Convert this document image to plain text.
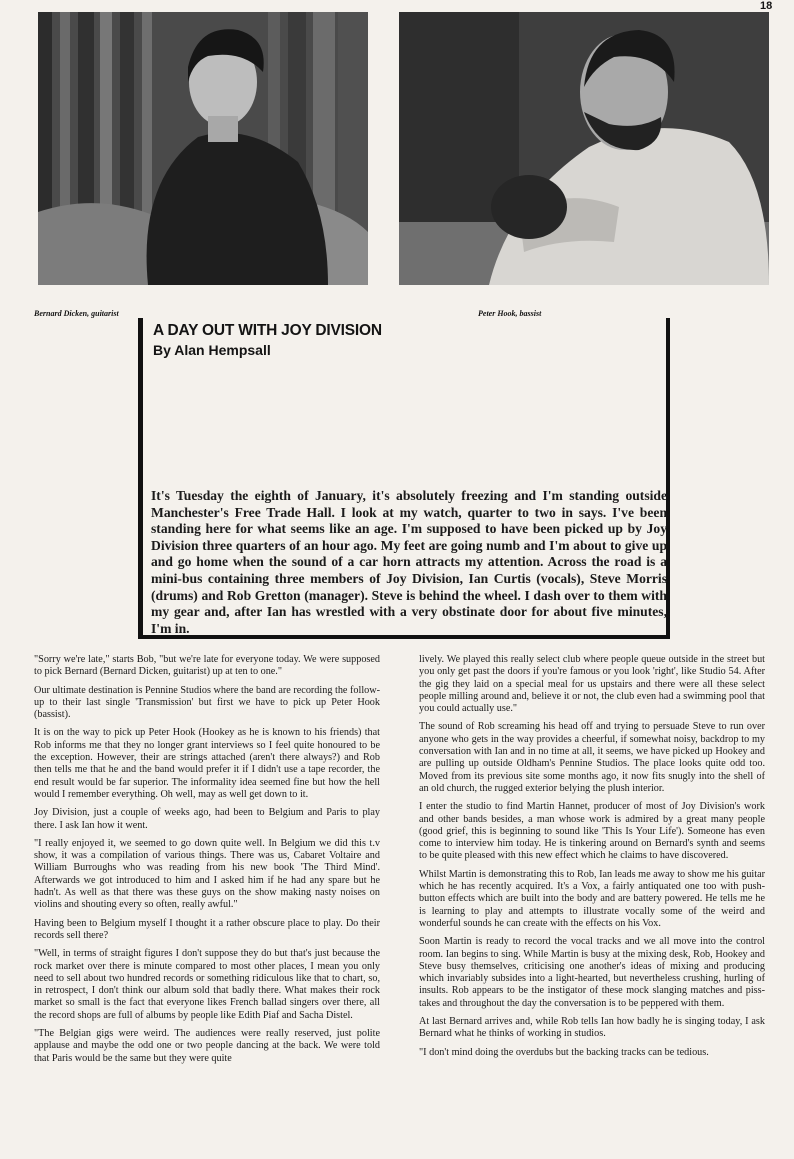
18
Bernard Dicken, guitarist	Peter Hook, bassist
A DAY OUT WITH JOY DIVISION
By Alan Hempsall
It's Tuesday the eighth of January, it's absolutely freezing and I'm standing outside Manchester's Free Trade Hall. I look at my watch, quarter to two in says. I've been standing here for what seems like an age. I'm supposed to have been picked up by Joy Division three quarters of an hour ago. My feet are going numb and I'm about to give up and go home when the sound of a car horn attracts my attention. Across the road is a mini-bus containing three members of Joy Division, Ian Curtis (vocals), Steve Morris (drums) and Rob Gretton (manager). Steve is behind the wheel. I dash over to them with my gear and, after Ian has wrestled with a very obstinate door for about five minutes, I'm in.

"Sorry we're late," starts Bob, "but we're late for everyone today. We were supposed to pick Bernard (Bernard Dicken, guitarist) up at ten to one."

Our ultimate destination is Pennine Studios where the band are recording the follow-up to their last single 'Transmission' but first we have to pick up Peter Hook (bassist).

It is on the way to pick up Peter Hook (Hookey as he is known to his friends) that Rob informs me that they no longer grant interviews so I feel quite honoured to be the exception. However, their are strings attached (aren't there always?) and Rob then tells me that he and the band would prefer it if I didn't use a tape recorder, the end result would be far superior. The informality idea seemed fine but how the hell would I remember everything. Oh well, may as well get down to it.

Joy Division, just a couple of weeks ago, had been to Belgium and Paris to play there. I ask Ian how it went.

"I really enjoyed it, we seemed to go down quite well. In Belgium we did this t.v show, it was a compilation of various things. There was us, Cabaret Voltaire and William Burroughs who was reading from his new book 'The Third Mind'. Afterwards we got introduced to him and I asked him if he had any spare but he hadn't. As well as that there was these guys on the show making nasty noises on violins and shouting every so often, really awful."

Having been to Belgium myself I thought it a rather obscure place to play. Do their records sell there?

"Well, in terms of straight figures I don't suppose they do but that's just because the rock market over there is minute compared to most other places, I mean you only need to sell about two hundred records or something ridiculous like that to chart, so, in retrospect, I don't think our album sold that badly there. What makes their rock market so small is the fact that everyone likes French ballad singers over there, all the record shops are full of albums by people like Edith Piaf and Sacha Distel.

"The Belgian gigs were weird. The audiences were really reserved, just polite applause and maybe the odd one or two people dancing at the back. We were told that Paris would be the same but they were quite

lively. We played this really select club where people queue outside in the street but you only get past the doors if you're famous or you look 'right', like Studio 54. After the gig they laid on a special meal for us upstairs and there were all these select people milling around and, believe it or not, the club even had a swimming pool that you could actually use."

The sound of Rob screaming his head off and trying to persuade Steve to run over anyone who gets in the way provides a cheerful, if somewhat noisy, backdrop to my conversation with Ian and in no time at all, it seems, we have picked up Hookey and are pulling up outside Oldham's Pennine Studios. The place looks quite odd too. Moved from its previous site some months ago, it now fits snugly into the shell of an old church, the rugged exterior belying the plush interior.

I enter the studio to find Martin Hannet, producer of most of Joy Division's work and other bands besides, a man whose work is admired by a great many people (good grief, this is beginning to sound like 'This Is Your Life'). Someone has even come to interview him today. He is tinkering around on Bernard's synth and seems to be quite pleased with this new effect which he claims to have discovered.

Whilst Martin is demonstrating this to Rob, Ian leads me away to show me his guitar which he has recently acquired. It's a Vox, a fairly antiquated one too with push-button effects which are built into the body and are battery powered. He tells me he is learning to play and attempts to illustrate vocally some of the weird and wonderful sounds he can create with the effects on his Vox.

Soon Martin is ready to record the vocal tracks and we all move into the control room. Ian begins to sing. While Martin is busy at the mixing desk, Rob, Hookey and Steve busy themselves, criticising one another's ideas of mixing and producing which invariably subsides into a light-hearted, but nevertheless crushing, hurling of insults. Rob appears to be the instigator of these mock slanging matches and piss-takes and throughout the day the conversation is to be peppered with them.

At last Bernard arrives and, while Rob tells Ian how badly he is singing today, I ask Bernard what he thinks of working in studios.

"I don't mind doing the overdubs but the backing tracks can be tedious.
